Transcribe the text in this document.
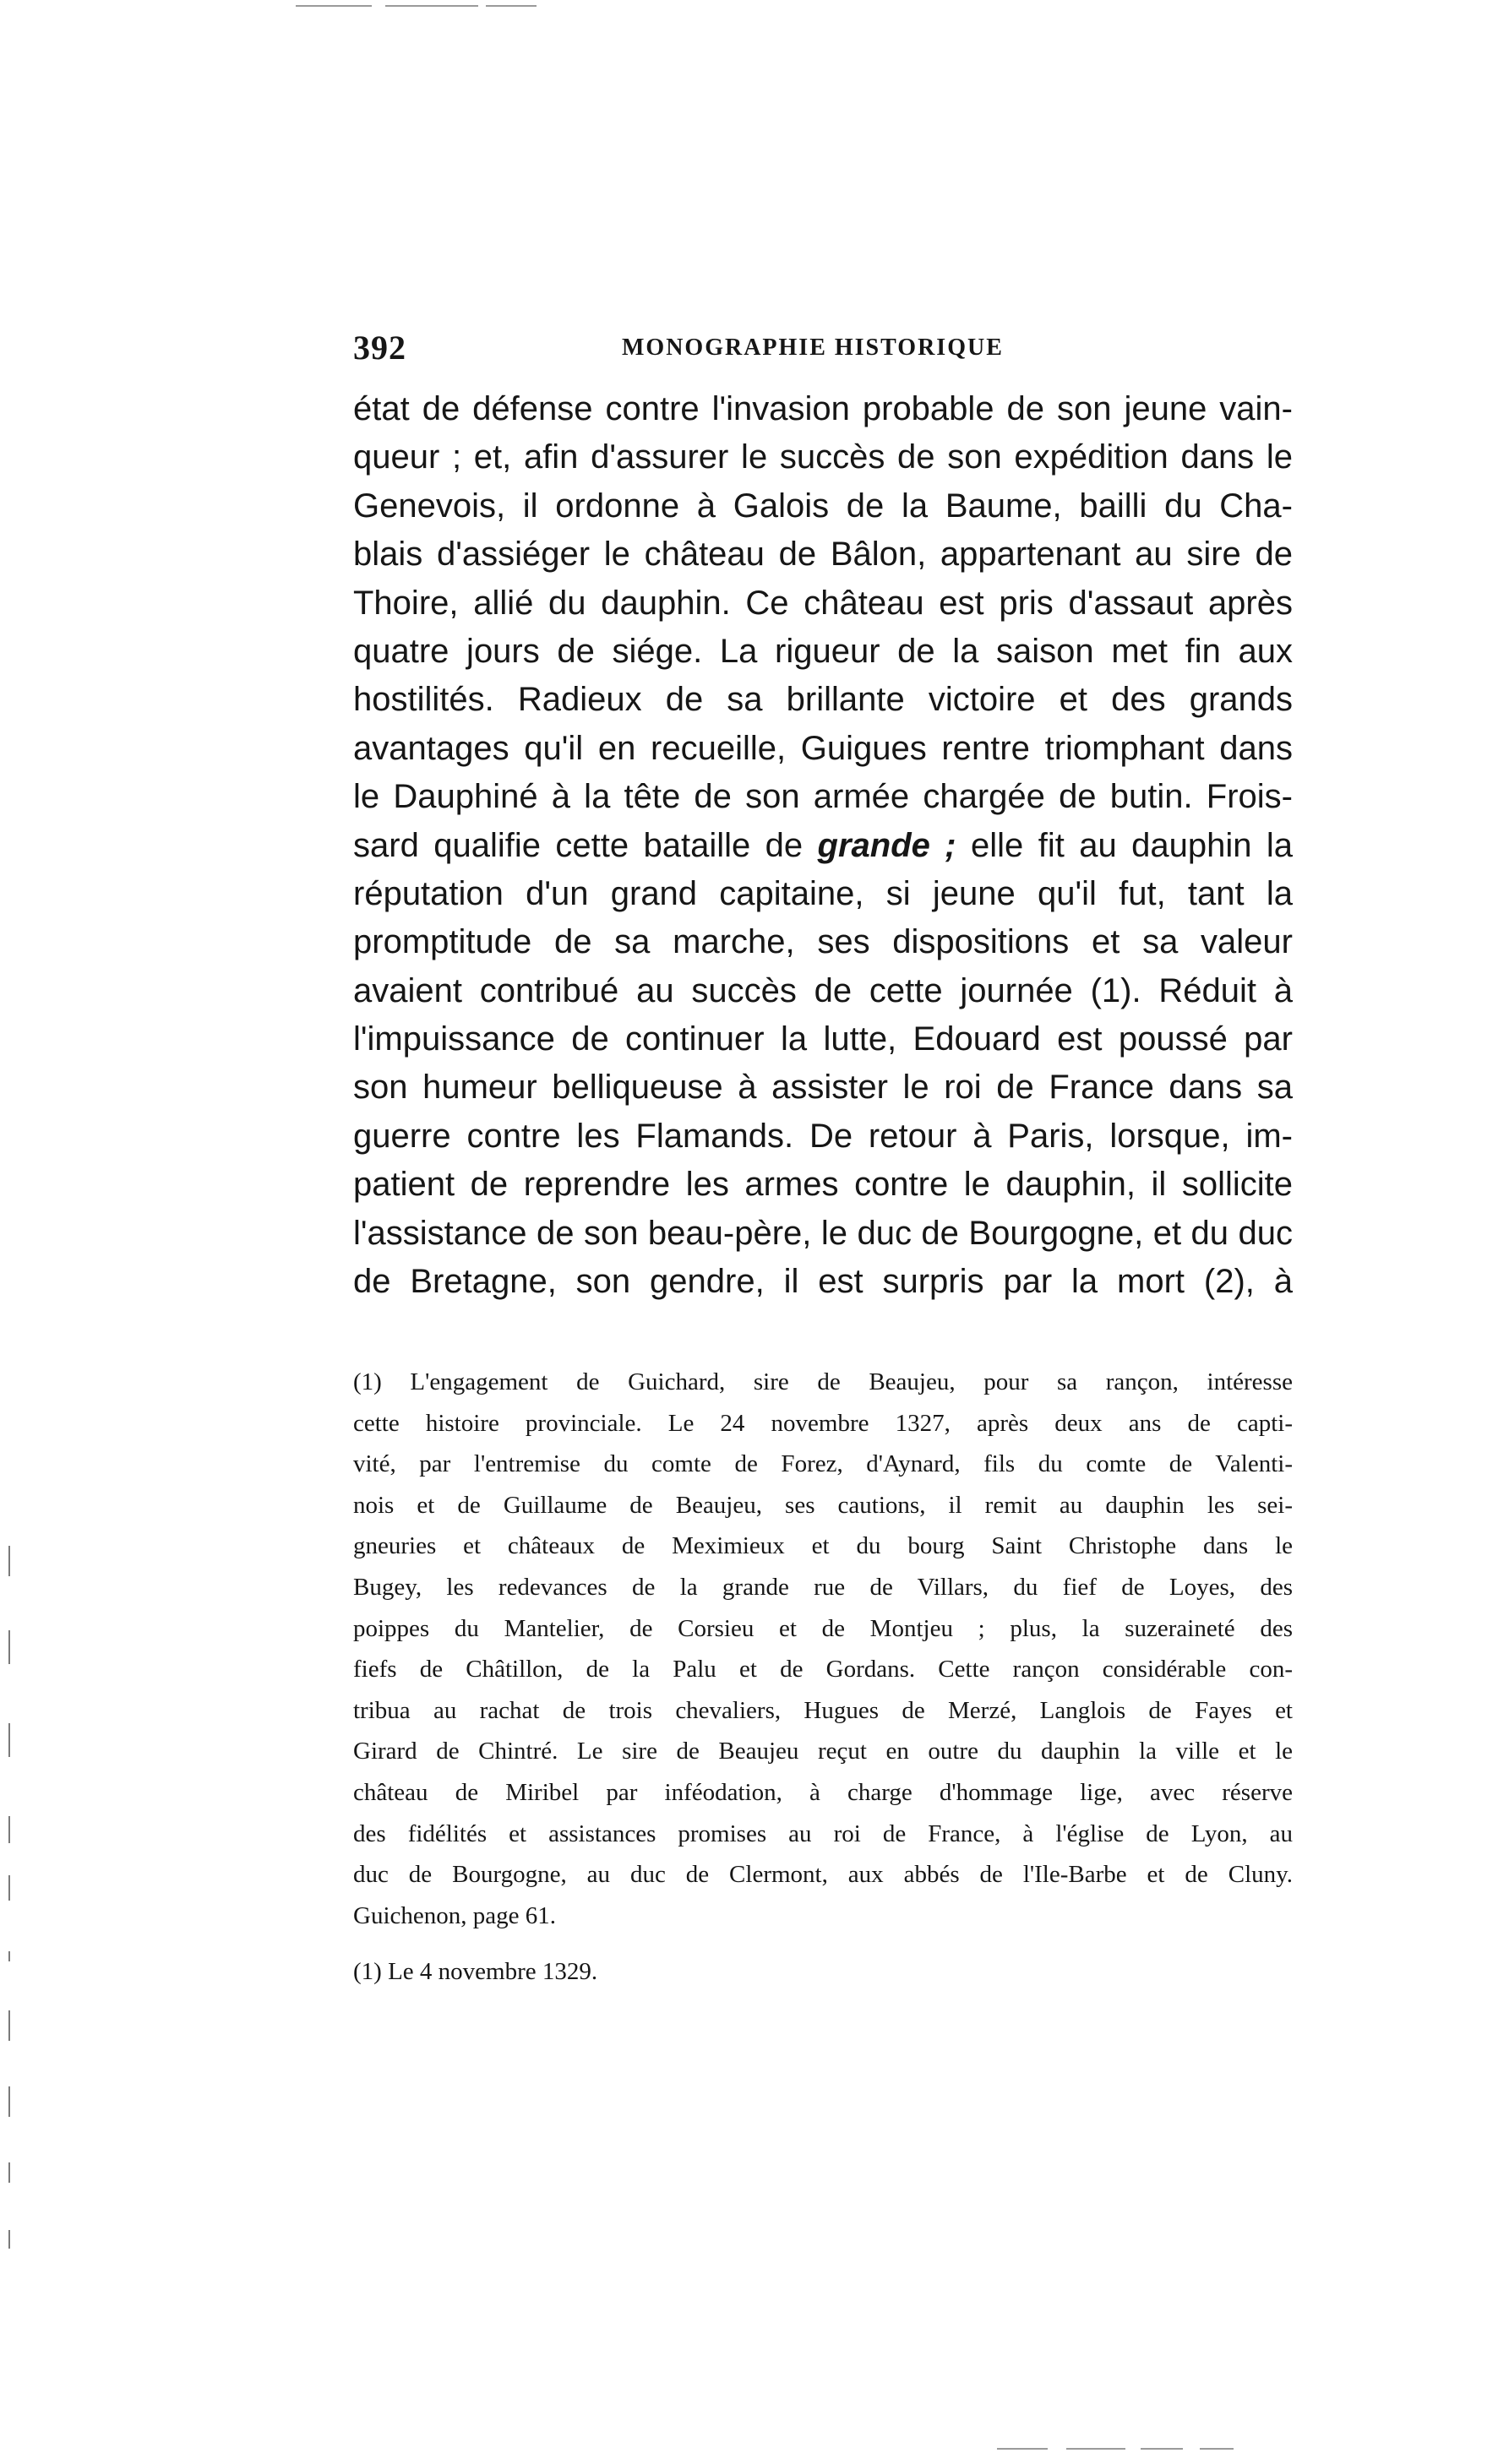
392	MONOGRAPHIE HISTORIQUE
état de défense contre l'invasion probable de son jeune vain-
queur ; et, afin d'assurer le succès de son expédition dans le
Genevois, il ordonne à Galois de la Baume, bailli du Cha-
blais d'assiéger le château de Bâlon, appartenant au sire de
Thoire, allié du dauphin. Ce château est pris d'assaut après
quatre jours de siége. La rigueur de la saison met fin aux
hostilités. Radieux de sa brillante victoire et des grands
avantages qu'il en recueille, Guigues rentre triomphant dans
le Dauphiné à la tête de son armée chargée de butin. Frois-
sard qualifie cette bataille de grande ; elle fit au dauphin la
réputation d'un grand capitaine, si jeune qu'il fut, tant la
promptitude de sa marche, ses dispositions et sa valeur
avaient contribué au succès de cette journée (1). Réduit à
l'impuissance de continuer la lutte, Edouard est poussé par
son humeur belliqueuse à assister le roi de France dans sa
guerre contre les Flamands. De retour à Paris, lorsque, im-
patient de reprendre les armes contre le dauphin, il sollicite
l'assistance de son beau-père, le duc de Bourgogne, et du duc
de Bretagne, son gendre, il est surpris par la mort (2), à
(1) L'engagement de Guichard, sire de Beaujeu, pour sa rançon, intéresse
cette histoire provinciale. Le 24 novembre 1327, après deux ans de capti-
vité, par l'entremise du comte de Forez, d'Aynard, fils du comte de Valenti-
nois et de Guillaume de Beaujeu, ses cautions, il remit au dauphin les sei-
gneuries et châteaux de Meximieux et du bourg Saint Christophe dans le
Bugey, les redevances de la grande rue de Villars, du fief de Loyes, des
poippes du Mantelier, de Corsieu et de Montjeu ; plus, la suzeraineté des
fiefs de Châtillon, de la Palu et de Gordans. Cette rançon considérable con-
tribua au rachat de trois chevaliers, Hugues de Merzé, Langlois de Fayes et
Girard de Chintré. Le sire de Beaujeu reçut en outre du dauphin la ville et le
château de Miribel par inféodation, à charge d'hommage lige, avec réserve
des fidélités et assistances promises au roi de France, à l'église de Lyon, au
duc de Bourgogne, au duc de Clermont, aux abbés de l'Ile-Barbe et de Cluny.
Guichenon, page 61.
(1) Le 4 novembre 1329.
